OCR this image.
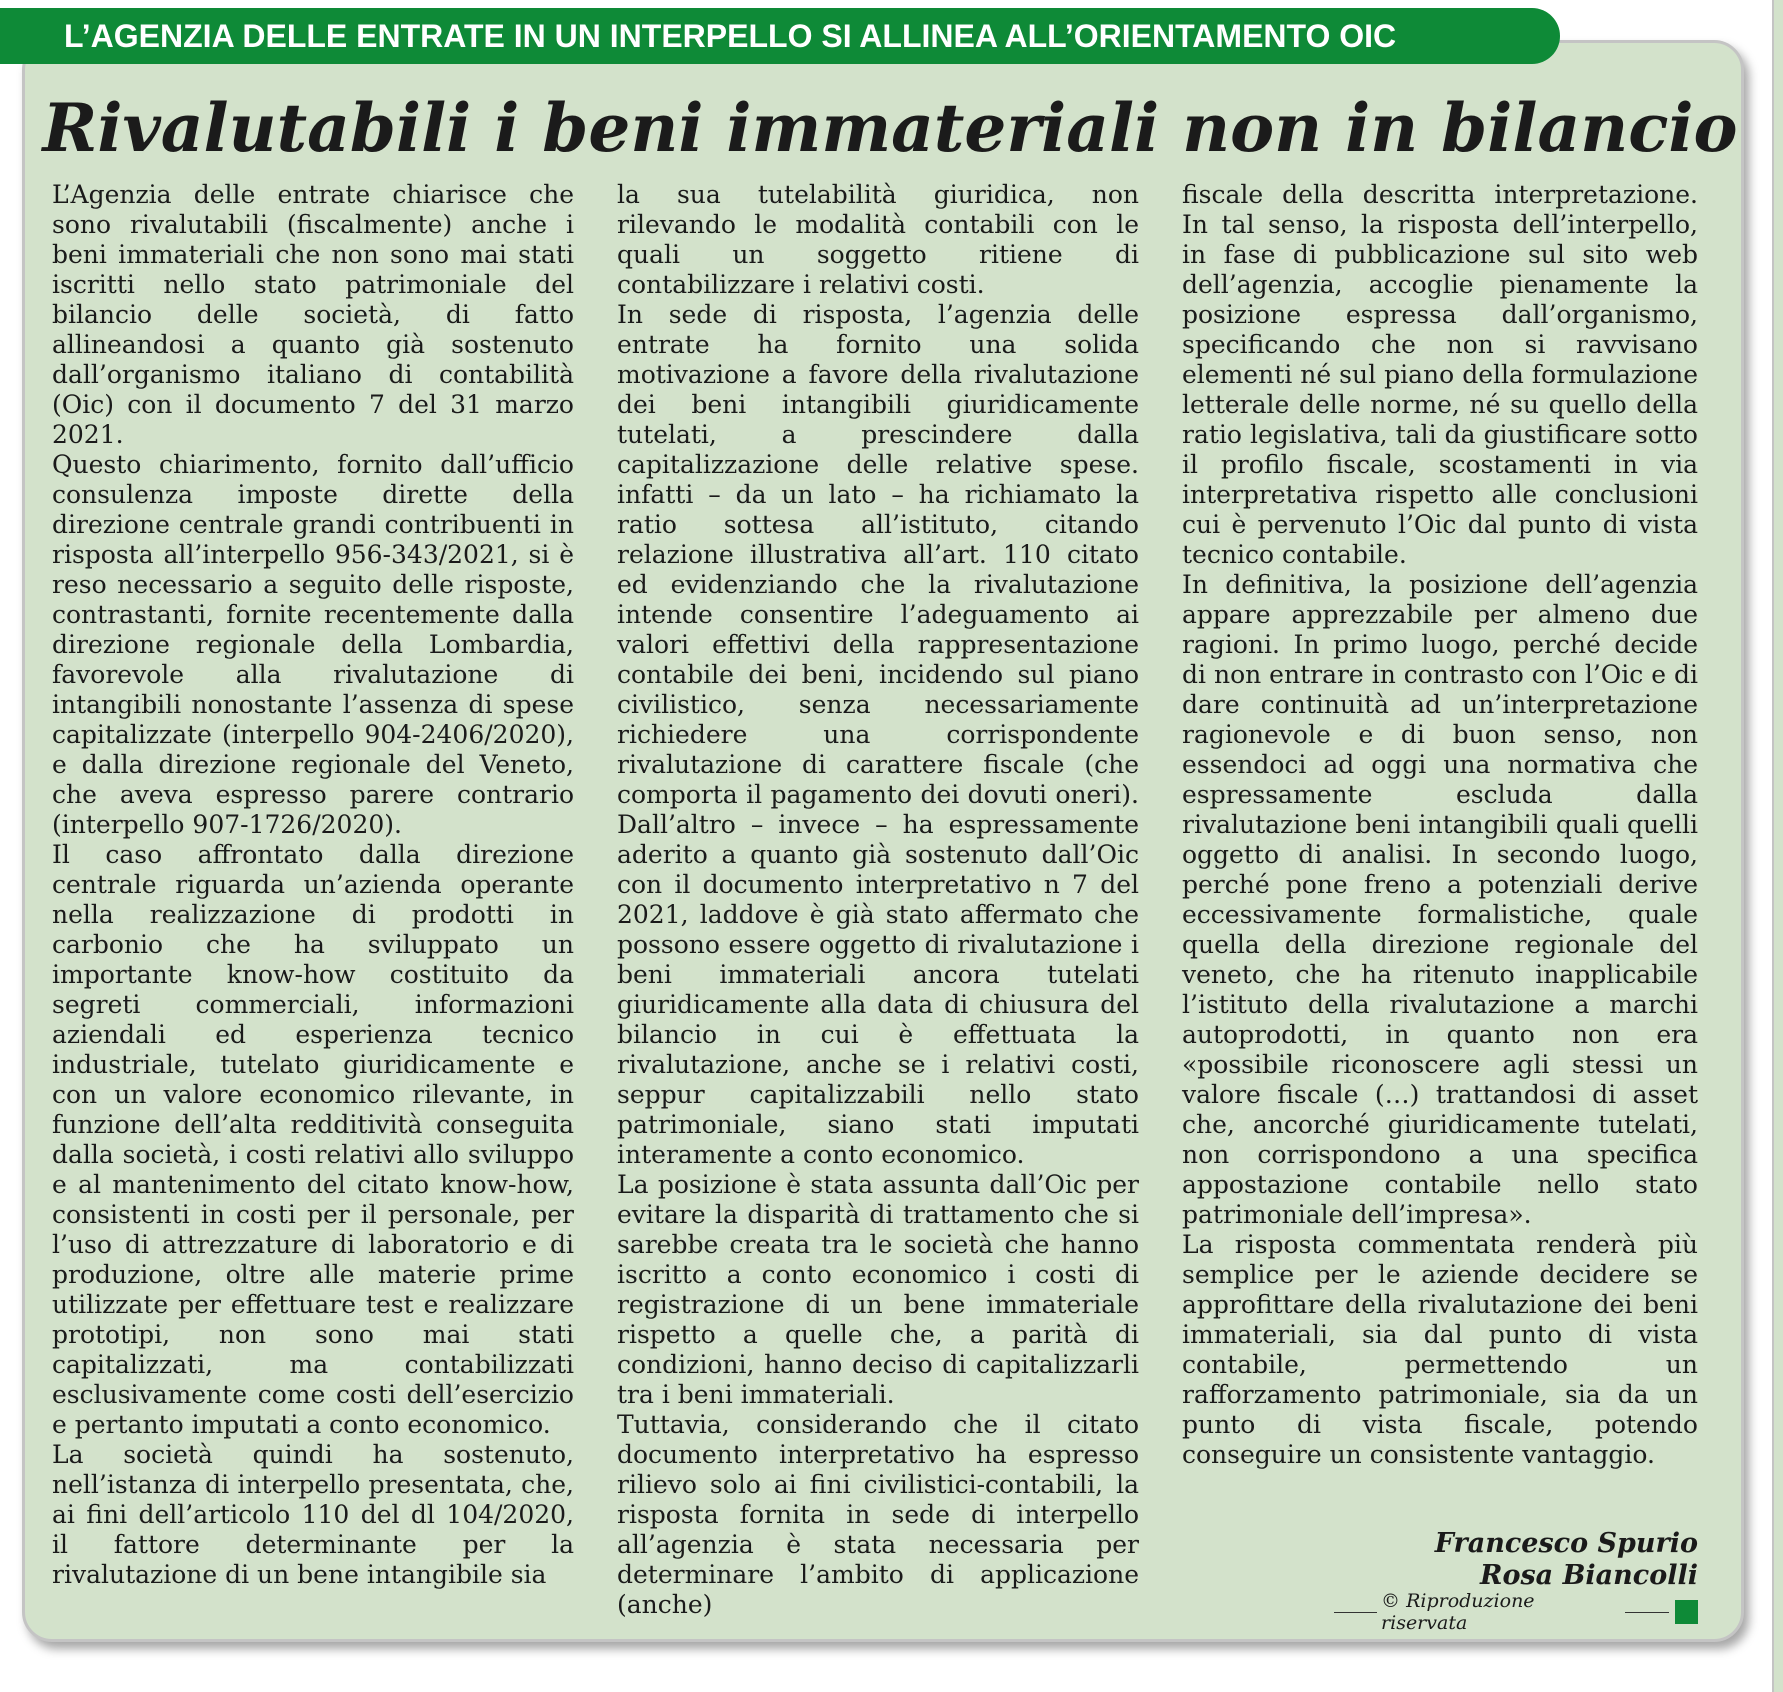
L’AGENZIA DELLE ENTRATE IN UN INTERPELLO SI ALLINEA ALL’ORIENTAMENTO OIC
Rivalutabili i beni immateriali non in bilancio

L’Agenzia delle entrate chiarisce che sono rivalutabili (fiscalmente) anche i beni immateriali che non sono mai stati iscritti nello stato patrimoniale del bilancio delle società, di fatto allineandosi a quanto già sostenuto dall’organismo italiano di contabilità (Oic) con il documento 7 del 31 marzo 2021.

Questo chiarimento, fornito dall’ufficio consulenza imposte dirette della direzione centrale grandi contribuenti in risposta all’interpello 956-343/2021, si è reso necessario a seguito delle risposte, contrastanti, fornite recentemente dalla direzione regionale della Lombardia, favorevole alla rivalutazione di intangibili nonostante l’assenza di spese capitalizzate (interpello 904-2406/2020), e dalla direzione regionale del Veneto, che aveva espresso parere contrario (interpello 907-1726/2020).

Il caso affrontato dalla direzione centrale riguarda un’azienda operante nella realizzazione di prodotti in carbonio che ha sviluppato un importante know-how costituito da segreti commerciali, informazioni aziendali ed esperienza tecnico industriale, tutelato giuridicamente e con un valore economico rilevante, in funzione dell’alta redditività conseguita dalla società, i costi relativi allo sviluppo e al mantenimento del citato know-how, consistenti in costi per il personale, per l’uso di attrezzature di laboratorio e di produzione, oltre alle materie prime utilizzate per effettuare test e realizzare prototipi, non sono mai stati capitalizzati, ma contabilizzati esclusivamente come costi dell’esercizio e pertanto imputati a conto economico.

La società quindi ha sostenuto, nell’istanza di interpello presentata, che, ai fini dell’articolo 110 del dl 104/2020, il fattore determinante per la rivalutazione di un bene intangibile sia

la sua tutelabilità giuridica, non rilevando le modalità contabili con le quali un soggetto ritiene di contabilizzare i relativi costi.

In sede di risposta, l’agenzia delle entrate ha fornito una solida motivazione a favore della rivalutazione dei beni intangibili giuridicamente tutelati, a prescindere dalla capitalizzazione delle relative spese. infatti – da un lato – ha richiamato la ratio sottesa all’istituto, citando relazione illustrativa all’art. 110 citato ed evidenziando che la rivalutazione intende consentire l’adeguamento ai valori effettivi della rappresentazione contabile dei beni, incidendo sul piano civilistico, senza necessariamente richiedere una corrispondente rivalutazione di carattere fiscale (che comporta il pagamento dei dovuti oneri). Dall’altro – invece – ha espressamente aderito a quanto già sostenuto dall’Oic con il documento interpretativo n 7 del 2021, laddove è già stato affermato che possono essere oggetto di rivalutazione i beni immateriali ancora tutelati giuridicamente alla data di chiusura del bilancio in cui è effettuata la rivalutazione, anche se i relativi costi, seppur capitalizzabili nello stato patrimoniale, siano stati imputati interamente a conto economico.

La posizione è stata assunta dall’Oic per evitare la disparità di trattamento che si sarebbe creata tra le società che hanno iscritto a conto economico i costi di registrazione di un bene immateriale rispetto a quelle che, a parità di condizioni, hanno deciso di capitalizzarli tra i beni immateriali.

Tuttavia, considerando che il citato documento interpretativo ha espresso rilievo solo ai fini civilistici-contabili, la risposta fornita in sede di interpello all’agenzia è stata necessaria per determinare l’ambito di applicazione (anche)

fiscale della descritta interpretazione. In tal senso, la risposta dell’interpello, in fase di pubblicazione sul sito web dell’agenzia, accoglie pienamente la posizione espressa dall’organismo, specificando che non si ravvisano elementi né sul piano della formulazione letterale delle norme, né su quello della ratio legislativa, tali da giustificare sotto il profilo fiscale, scostamenti in via interpretativa rispetto alle conclusioni cui è pervenuto l’Oic dal punto di vista tecnico contabile.

In definitiva, la posizione dell’agenzia appare apprezzabile per almeno due ragioni. In primo luogo, perché decide di non entrare in contrasto con l’Oic e di dare continuità ad un’interpretazione ragionevole e di buon senso, non essendoci ad oggi una normativa che espressamente escluda dalla rivalutazione beni intangibili quali quelli oggetto di analisi. In secondo luogo, perché pone freno a potenziali derive eccessivamente formalistiche, quale quella della direzione regionale del veneto, che ha ritenuto inapplicabile l’istituto della rivalutazione a marchi autoprodotti, in quanto non era «possibile riconoscere agli stessi un valore fiscale (…) trattandosi di asset che, ancorché giuridicamente tutelati, non corrispondono a una specifica appostazione contabile nello stato patrimoniale dell’impresa».

La risposta commentata renderà più semplice per le aziende decidere se approfittare della rivalutazione dei beni immateriali, sia dal punto di vista contabile, permettendo un rafforzamento patrimoniale, sia da un punto di vista fiscale, potendo conseguire un consistente vantaggio.

Francesco Spurio
Rosa Biancolli
© Riproduzione riservata
